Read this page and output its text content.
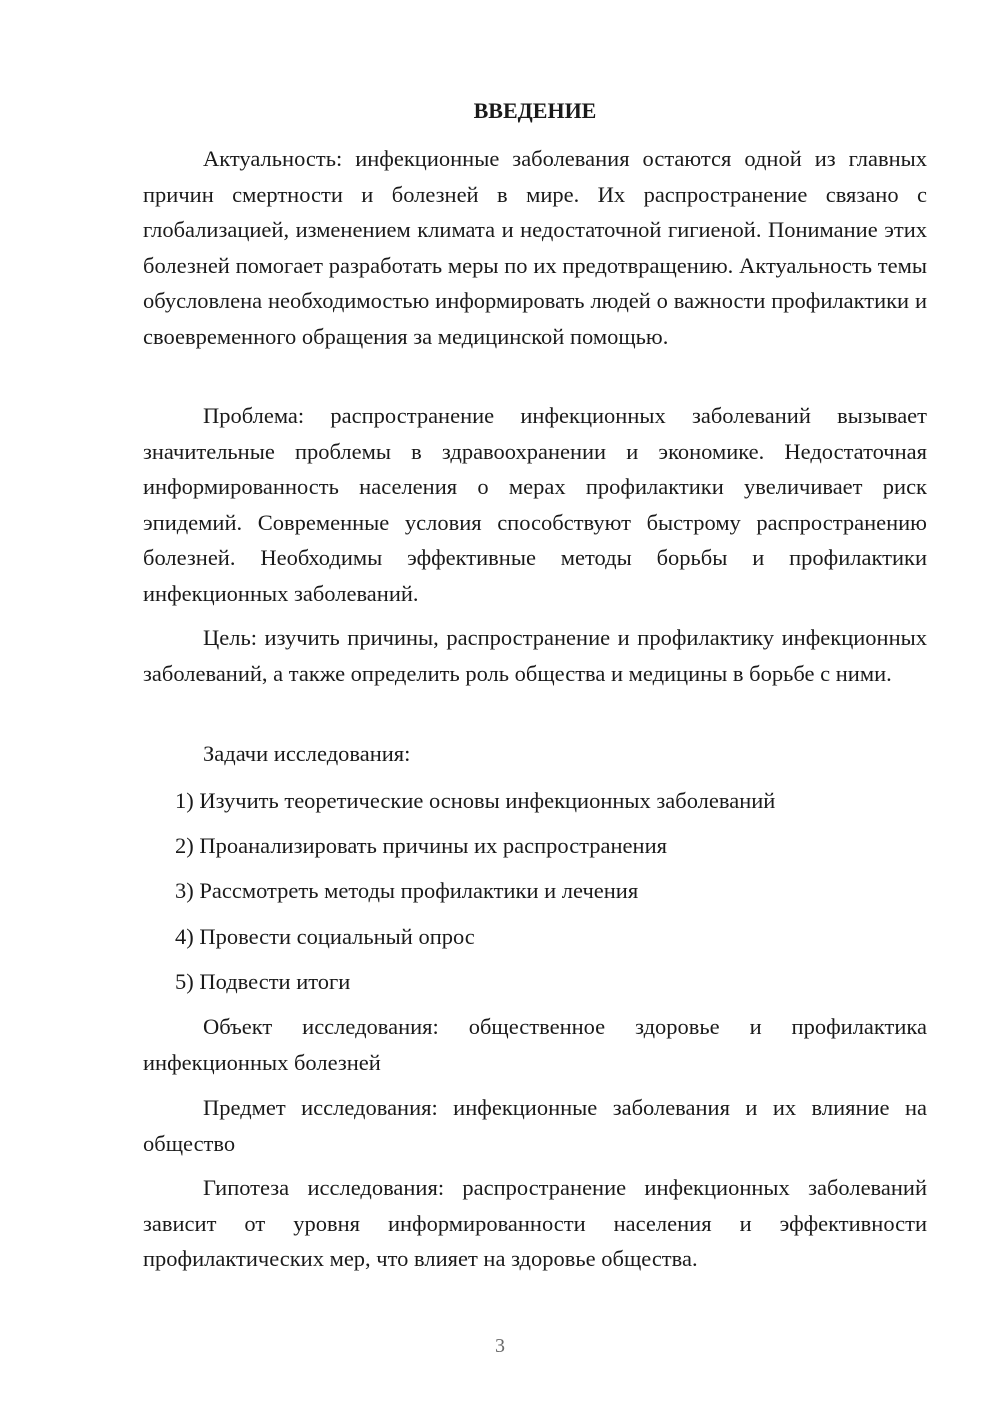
ВВЕДЕНИЕ

Актуальность: инфекционные заболевания остаются одной из главных причин смертности и болезней в мире. Их распространение связано с глобализацией, изменением климата и недостаточной гигиеной. Понимание этих болезней помогает разработать меры по их предотвращению. Актуальность темы обусловлена необходимостью информировать людей о важности профилактики и своевременного обращения за медицинской помощью.

Проблема: распространение инфекционных заболеваний вызывает значительные проблемы в здравоохранении и экономике. Недостаточная информированность населения о мерах профилактики увеличивает риск эпидемий. Современные условия способствуют быстрому распространению болезней. Необходимы эффективные методы борьбы и профилактики инфекционных заболеваний.

Цель: изучить причины, распространение и профилактику инфекционных заболеваний, а также определить роль общества и медицины в борьбе с ними.

Задачи исследования:

1) Изучить теоретические основы инфекционных заболеваний

2) Проанализировать причины их распространения

3) Рассмотреть методы профилактики и лечения

4) Провести социальный опрос

5) Подвести итоги

Объект исследования: общественное здоровье и профилактика инфекционных болезней

Предмет исследования: инфекционные заболевания и их влияние на общество

Гипотеза исследования: распространение инфекционных заболеваний зависит от уровня информированности населения и эффективности профилактических мер, что влияет на здоровье общества.

3
